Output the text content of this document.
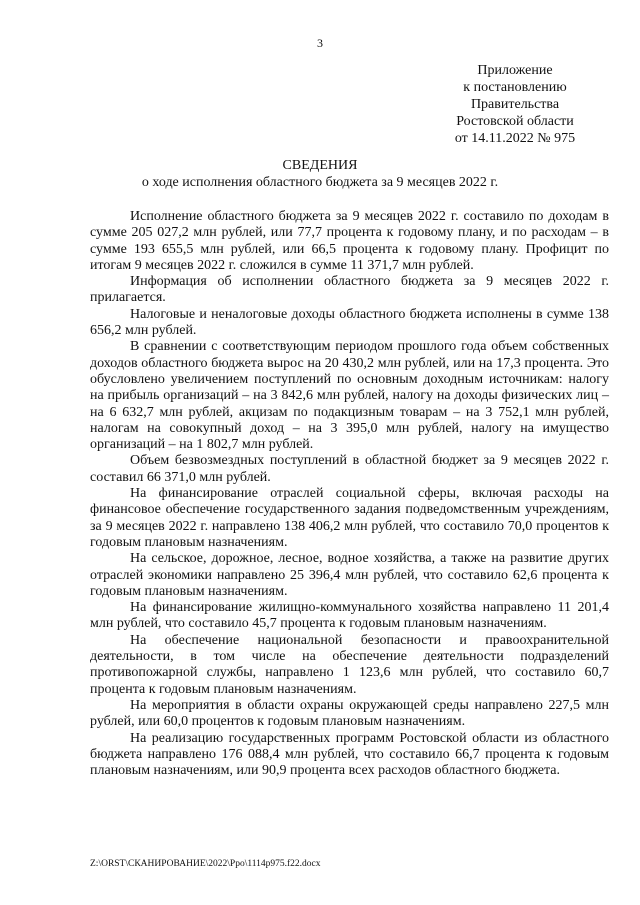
3
Приложение
к постановлению
Правительства
Ростовской области
от 14.11.2022 № 975
СВЕДЕНИЯ
о ходе исполнения областного бюджета за 9 месяцев 2022 г.

Исполнение областного бюджета за 9 месяцев 2022 г. составило по доходам в сумме 205 027,2 млн рублей, или 77,7 процента к годовому плану, и по расходам – в сумме 193 655,5 млн рублей, или 66,5 процента к годовому плану. Профицит по итогам 9 месяцев 2022 г. сложился в сумме 11 371,7 млн рублей.

Информация об исполнении областного бюджета за 9 месяцев 2022 г. прилагается.

Налоговые и неналоговые доходы областного бюджета исполнены в сумме 138 656,2 млн рублей.

В сравнении с соответствующим периодом прошлого года объем собственных доходов областного бюджета вырос на 20 430,2 млн рублей, или на 17,3 процента. Это обусловлено увеличением поступлений по основным доходным источникам: налогу на прибыль организаций – на 3 842,6 млн рублей, налогу на доходы физических лиц – на 6 632,7 млн рублей, акцизам по подакцизным товарам – на 3 752,1 млн рублей, налогам на совокупный доход – на 3 395,0 млн рублей, налогу на имущество организаций – на 1 802,7 млн рублей.

Объем безвозмездных поступлений в областной бюджет за 9 месяцев 2022 г. составил 66 371,0 млн рублей.

На финансирование отраслей социальной сферы, включая расходы на финансовое обеспечение государственного задания подведомственным учреждениям, за 9 месяцев 2022 г. направлено 138 406,2 млн рублей, что составило 70,0 процентов к годовым плановым назначениям.

На сельское, дорожное, лесное, водное хозяйства, а также на развитие других отраслей экономики направлено 25 396,4 млн рублей, что составило 62,6 процента к годовым плановым назначениям.

На финансирование жилищно-коммунального хозяйства направлено 11 201,4 млн рублей, что составило 45,7 процента к годовым плановым назначениям.

На обеспечение национальной безопасности и правоохранительной деятельности, в том числе на обеспечение деятельности подразделений противопожарной службы, направлено 1 123,6 млн рублей, что составило 60,7 процента к годовым плановым назначениям.

На мероприятия в области охраны окружающей среды направлено 227,5 млн рублей, или 60,0 процентов к годовым плановым назначениям.

На реализацию государственных программ Ростовской области из областного бюджета направлено 176 088,4 млн рублей, что составило 66,7 процента к годовым плановым назначениям, или 90,9 процента всех расходов областного бюджета.

Z:\ORST\СКАНИРОВАНИЕ\2022\Ppo\1114p975.f22.docx
